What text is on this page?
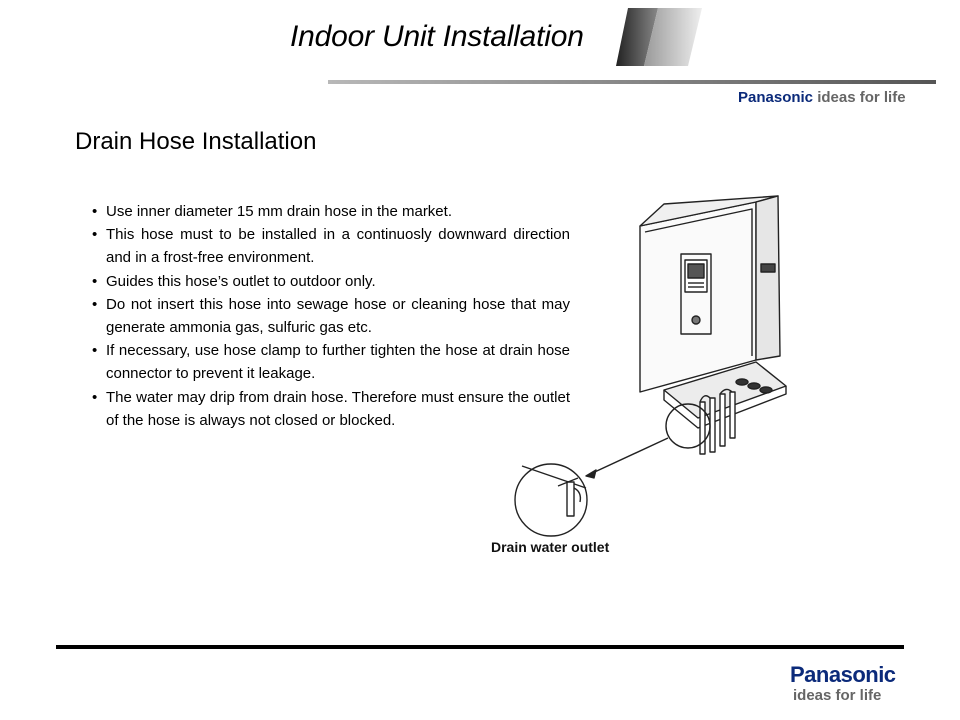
Indoor Unit Installation
Panasonic ideas for life
Drain Hose Installation
• Use inner diameter 15 mm drain hose in the market.
• This hose must to be installed in a continuosly downward direction and in a frost-free environment.
• Guides this hose’s outlet to outdoor only.
• Do not insert this hose into sewage hose or cleaning hose that may generate ammonia gas, sulfuric gas etc.
• If necessary, use hose clamp to further tighten the hose at drain hose connector to prevent it leakage.
• The water may drip from drain hose. Therefore must ensure the outlet of the hose is always not closed or blocked.
Drain water outlet
Panasonic
ideas for life
